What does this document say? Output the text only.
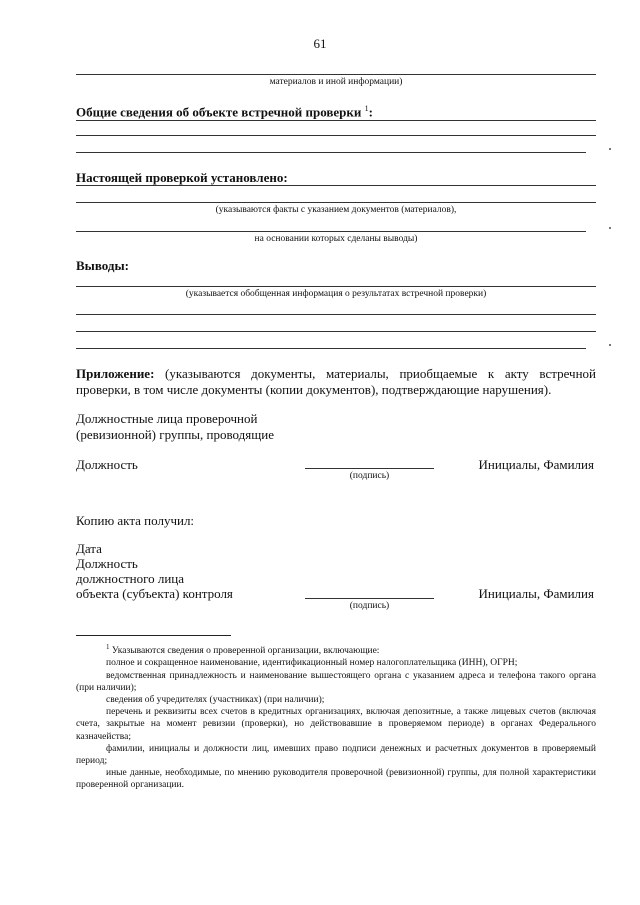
61
материалов и иной информации)
Общие сведения об объекте встречной проверки $^1$:
Настоящей проверкой установлено:
(указываются факты с указанием документов (материалов),
на основании которых сделаны выводы)
Выводы:
(указывается обобщенная информация о результатах встречной проверки)
Приложение: (указываются документы, материалы, приобщаемые к акту встречной проверки, в том числе документы (копии документов), подтверждающие нарушения).
Должностные лица проверочной
(ревизионной) группы, проводящие
Должность
(подпись)
Инициалы, Фамилия
Копию акта получил:
Дата
Должность
должностного лица
объекта (субъекта) контроля
(подпись)
Инициалы, Фамилия
$^1$ Указываются сведения о проверенной организации, включающие:
полное и сокращенное наименование, идентификационный номер налогоплательщика (ИНН), ОГРН;
ведомственная принадлежность и наименование вышестоящего органа с указанием адреса и телефона такого органа (при наличии);
сведения об учредителях (участниках) (при наличии);
перечень и реквизиты всех счетов в кредитных организациях, включая депозитные, а также лицевых счетов (включая счета, закрытые на момент ревизии (проверки), но действовавшие в проверяемом периоде) в органах Федерального казначейства;
фамилии, инициалы и должности лиц, имевших право подписи денежных и расчетных документов в проверяемый период;
иные данные, необходимые, по мнению руководителя проверочной (ревизионной) группы, для полной характеристики проверенной организации.
